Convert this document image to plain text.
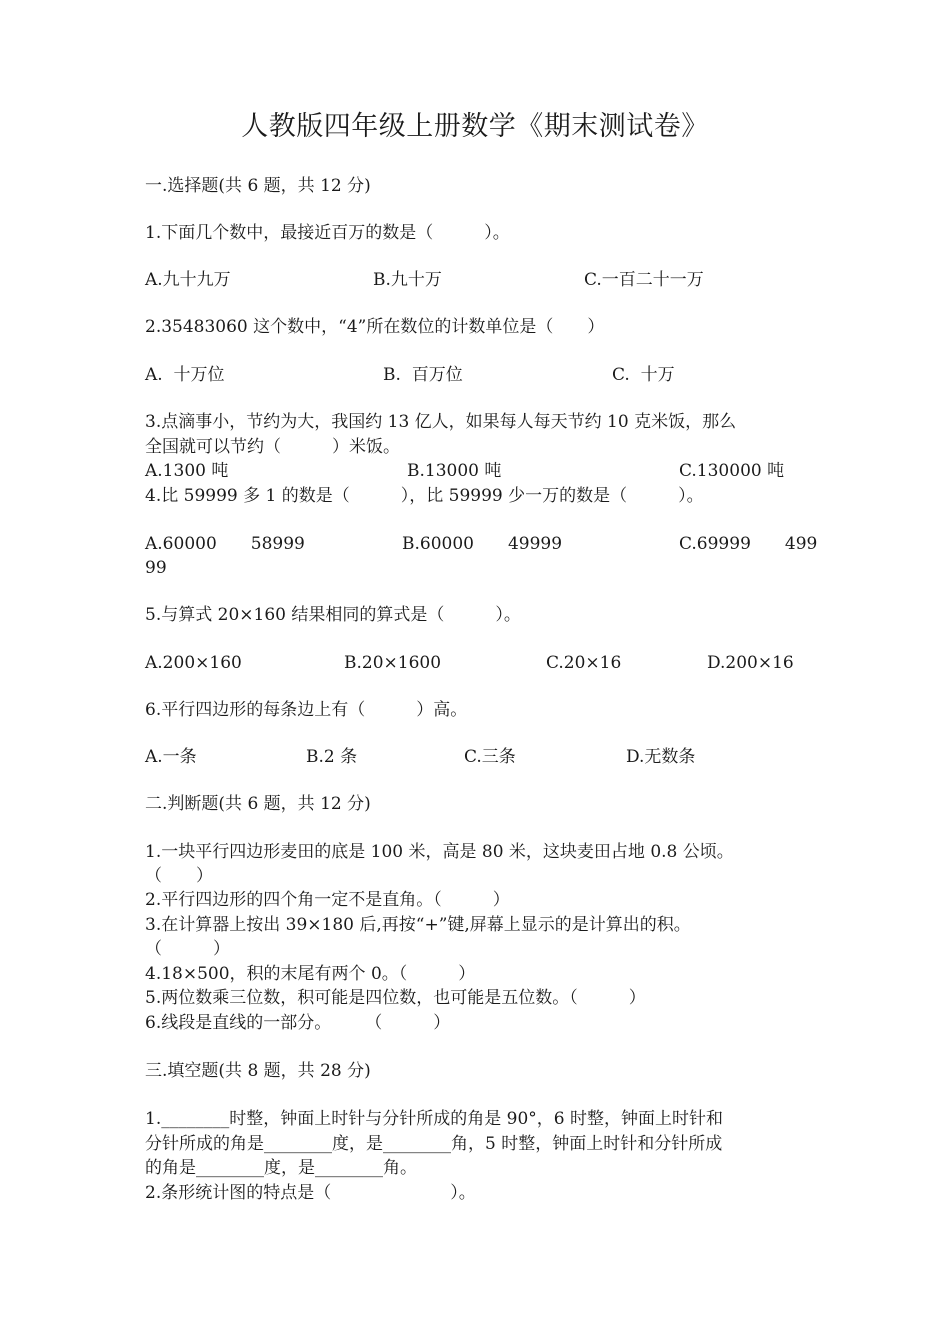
人教版四年级上册数学《期末测试卷》
一.选择题(共 6 题，共 12 分)
1.下面几个数中，最接近百万的数是（　　　）。
A.九十九万	B.九十万	C.一百二十一万
2.35483060 这个数中，“4”所在数位的计数单位是（　　）
A.  十万位	B.  百万位	C.  十万
3.点滴事小，节约为大，我国约 13 亿人，如果每人每天节约 10 克米饭，那么
全国就可以节约（　　　）米饭。
A.1300 吨	B.13000 吨	C.130000 吨
4.比 59999 多 1 的数是（　　　），比 59999 少一万的数是（　　　）。
A.60000　　58999	B.60000　　49999	C.69999　　499
99
5.与算式 20×160 结果相同的算式是（　　　）。
A.200×160	B.20×1600	C.20×16	D.200×16
6.平行四边形的每条边上有（　　　）高。
A.一条	B.2 条	C.三条	D.无数条
二.判断题(共 6 题，共 12 分)
1.一块平行四边形麦田的底是 100 米，高是 80 米，这块麦田占地 0.8 公顷。
（　　）
2.平行四边形的四个角一定不是直角。（　　　）
3.在计算器上按出 39×180 后,再按“+”键,屏幕上显示的是计算出的积。
（　　　）
4.18×500，积的末尾有两个 0。（　　　）
5.两位数乘三位数，积可能是四位数，也可能是五位数。（　　　）
6.线段是直线的一部分。　　　（　　　）
三.填空题(共 8 题，共 28 分)
1.________时整，钟面上时针与分针所成的角是 90°，6 时整，钟面上时针和
分针所成的角是________度，是________角，5 时整，钟面上时针和分针所成
的角是________度，是________角。
2.条形统计图的特点是（　　　　　　　）。
